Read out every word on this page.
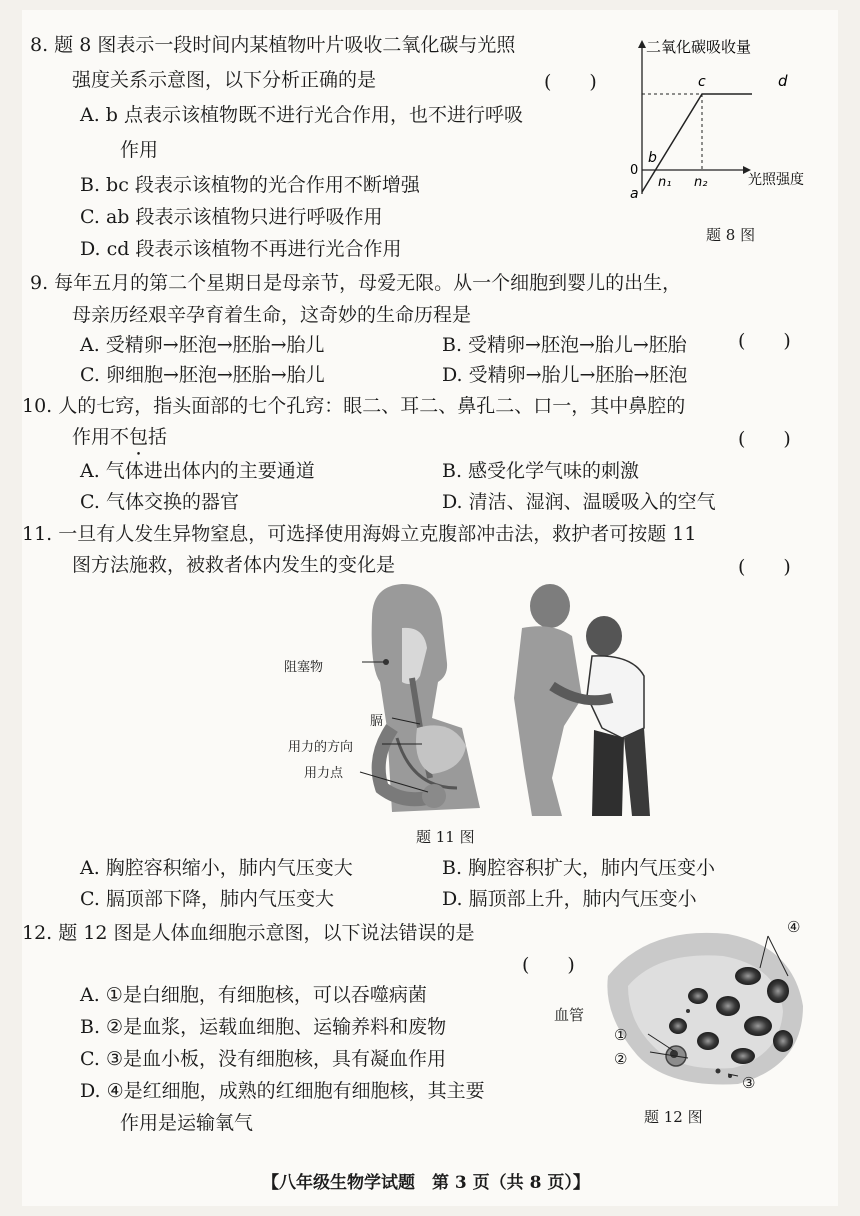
8. 题 8 图表示一段时间内某植物叶片吸收二氧化碳与光照
强度关系示意图，以下分析正确的是	(　　)
A. b 点表示该植物既不进行光合作用，也不进行呼吸
作用
B. bc 段表示该植物的光合作用不断增强
C. ab 段表示该植物只进行呼吸作用
D. cd 段表示该植物不再进行光合作用
二氧化碳吸收量
光照强度
0
a
b
c	d
n₁ n₂
题 8 图
9. 每年五月的第二个星期日是母亲节，母爱无限。从一个细胞到婴儿的出生，
母亲历经艰辛孕育着生命，这奇妙的生命历程是
(　　)
A. 受精卵→胚泡→胚胎→胎儿	B. 受精卵→胚泡→胎儿→胚胎
C. 卵细胞→胚泡→胚胎→胎儿	D. 受精卵→胎儿→胚胎→胚泡
10. 人的七窍，指头面部的七个孔窍：眼二、耳二、鼻孔二、口一，其中鼻腔的
作用不包括	(　　)
A. 气体进出体内的主要通道	B. 感受化学气味的刺激
C. 气体交换的器官	D. 清洁、湿润、温暖吸入的空气
11. 一旦有人发生异物窒息，可选择使用海姆立克腹部冲击法，救护者可按题 11
图方法施救，被救者体内发生的变化是	(　　)
阻塞物
膈
用力的方向
用力点
题 11 图
A. 胸腔容积缩小，肺内气压变大	B. 胸腔容积扩大，肺内气压变小
C. 膈顶部下降，肺内气压变大	D. 膈顶部上升，肺内气压变小
12. 题 12 图是人体血细胞示意图，以下说法错误的是
(　　)
A. ①是白细胞，有细胞核，可以吞噬病菌
B. ②是血浆，运载血细胞、运输养料和废物
C. ③是血小板，没有细胞核，具有凝血作用
D. ④是红细胞，成熟的红细胞有细胞核，其主要
作用是运输氧气
④
血管
①
②
③
题 12 图
【八年级生物学试题　第 3 页（共 8 页）】
